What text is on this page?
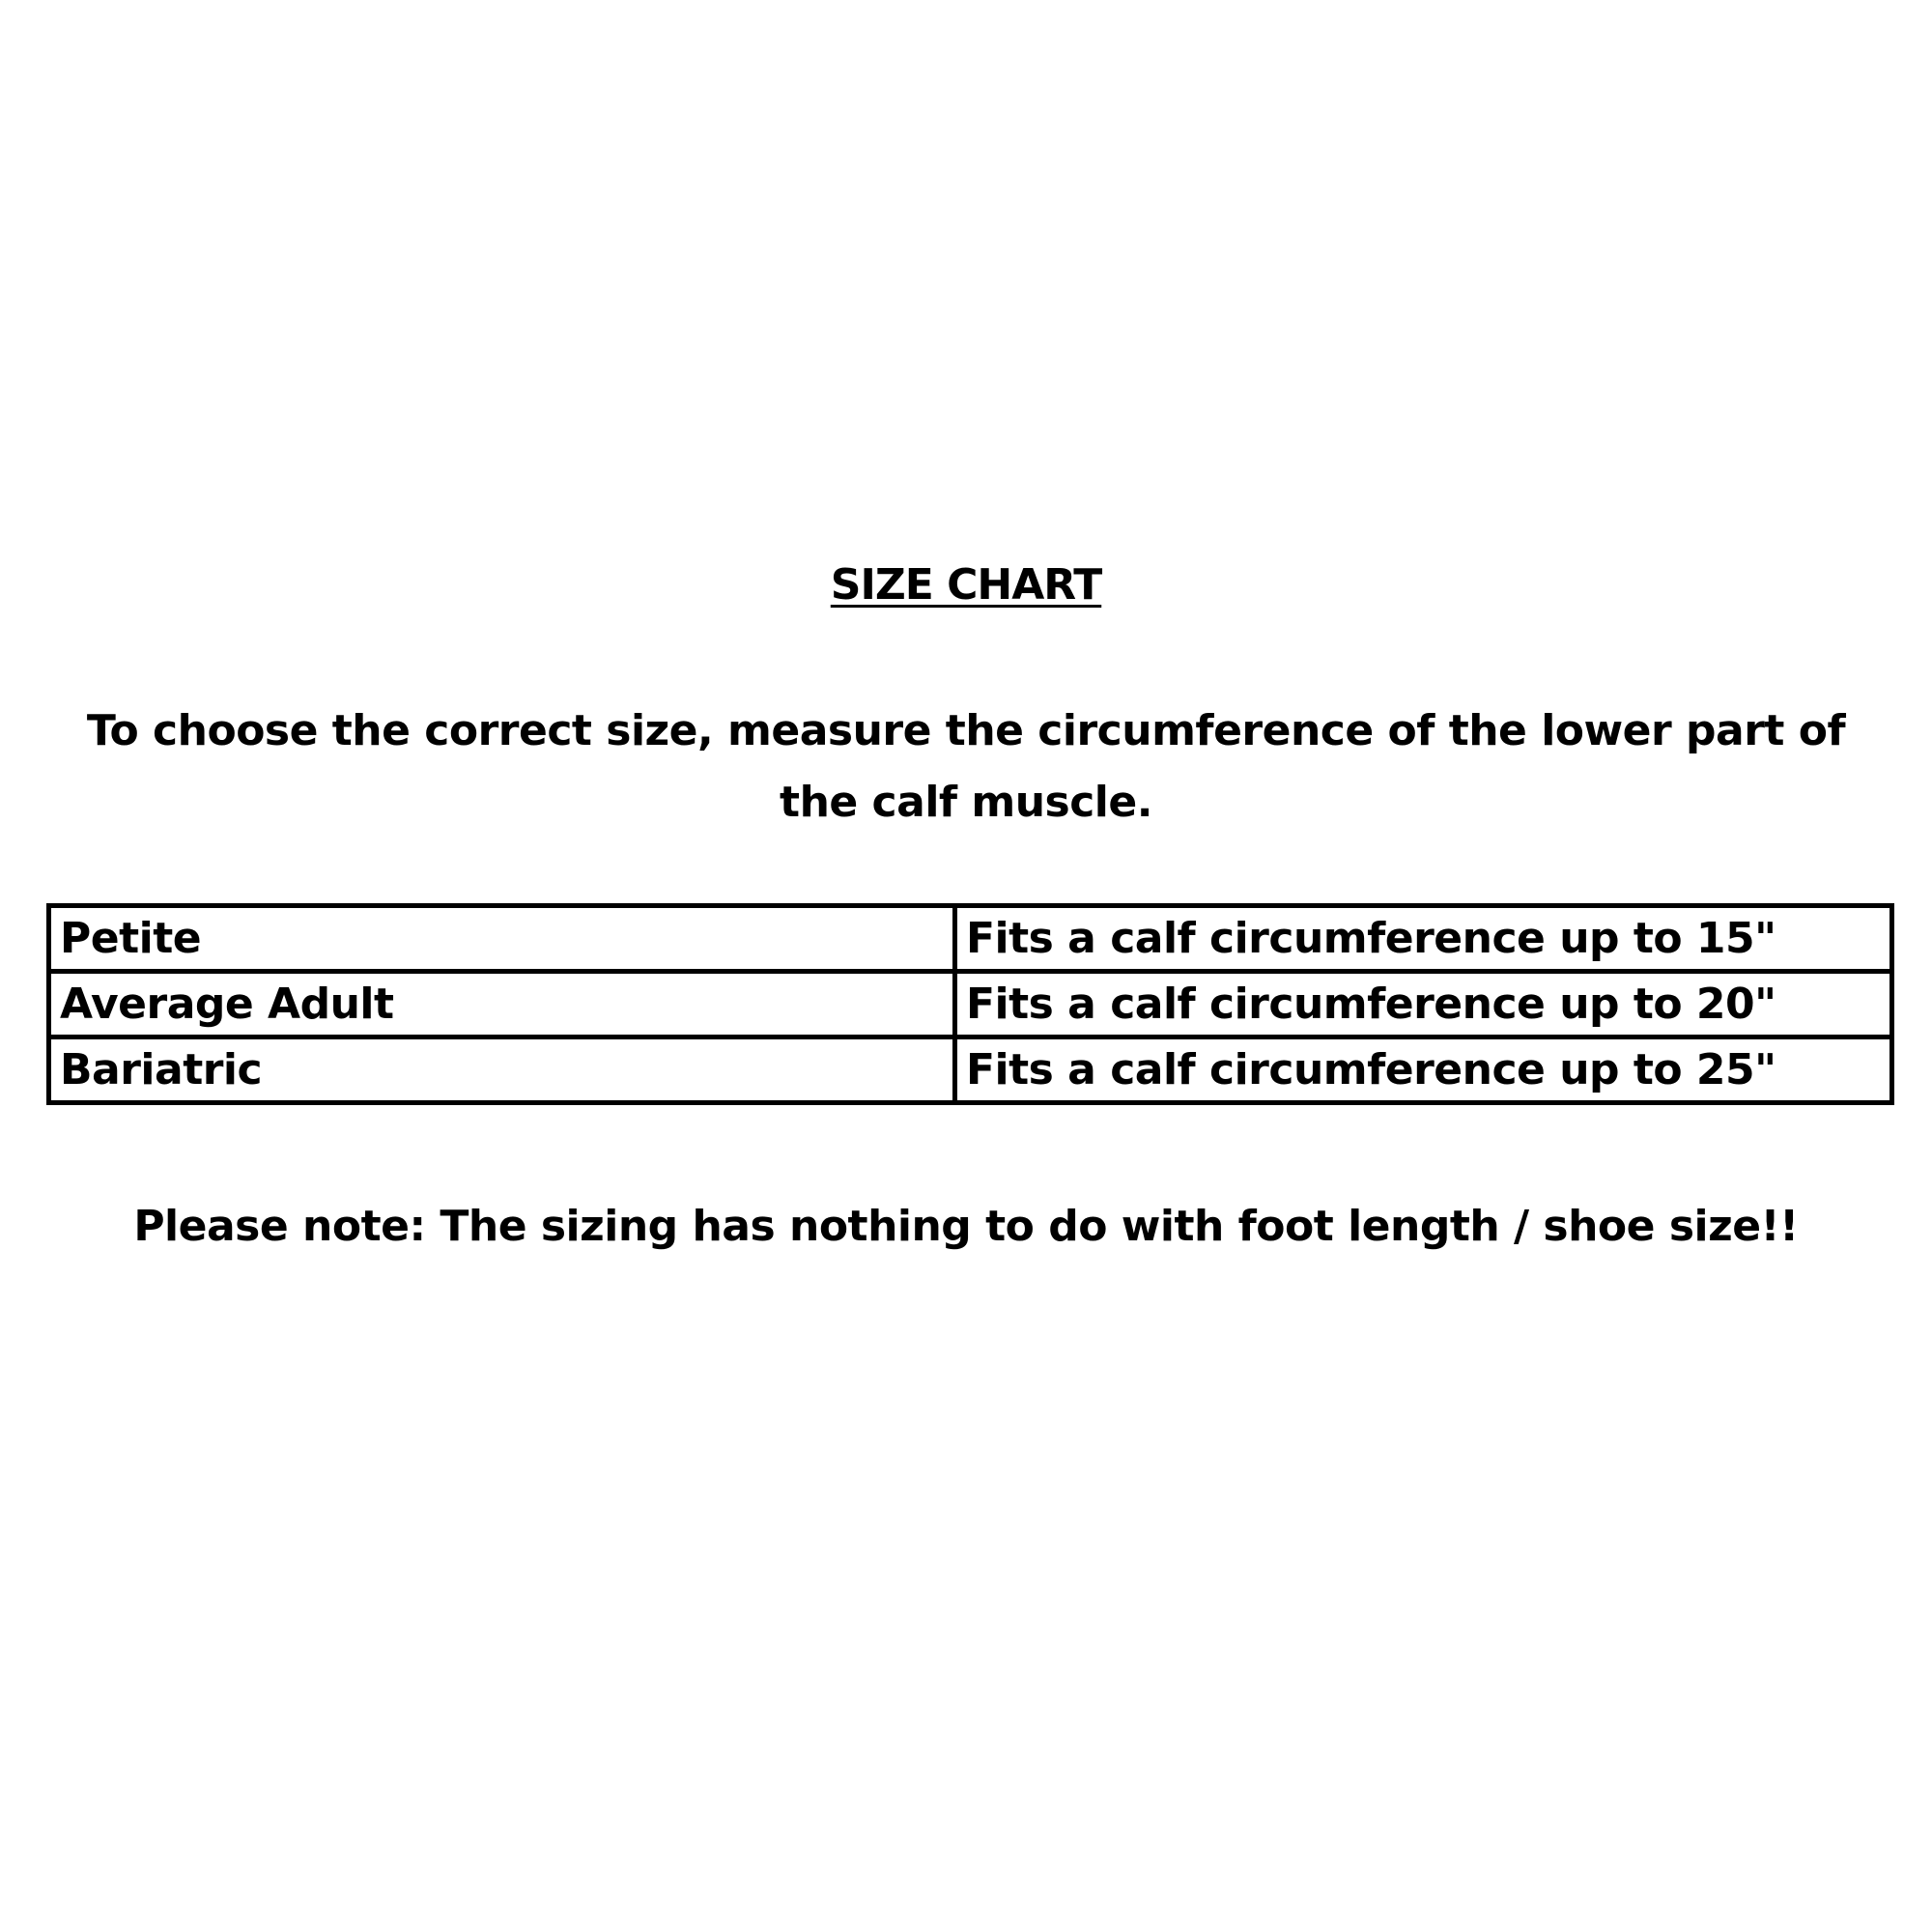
SIZE CHART
To choose the correct size, measure the circumference of the lower part of the calf muscle.
Petite	Fits a calf circumference up to 15"
Average Adult	Fits a calf circumference up to 20"
Bariatric	Fits a calf circumference up to 25"
Please note: The sizing has nothing to do with foot length / shoe size!!
